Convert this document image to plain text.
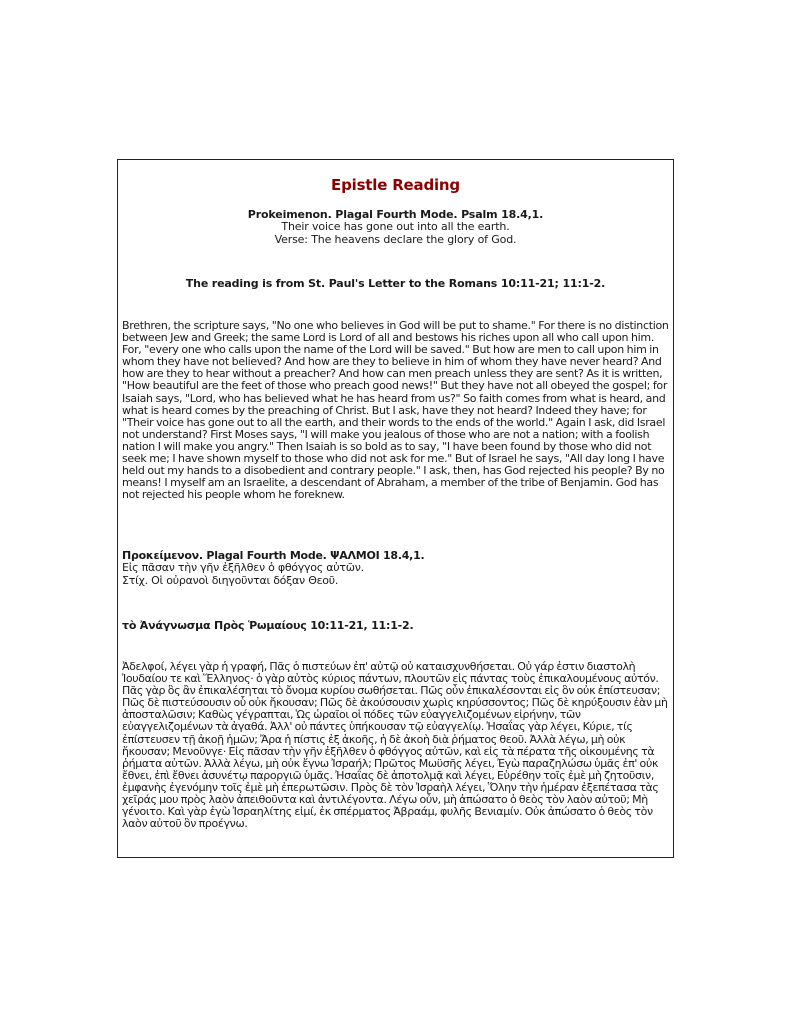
Epistle Reading
Prokeimenon. Plagal Fourth Mode. Psalm 18.4,1.
Their voice has gone out into all the earth.
Verse: The heavens declare the glory of God.
The reading is from St. Paul's Letter to the Romans 10:11-21; 11:1-2.
Brethren, the scripture says, "No one who believes in God will be put to shame." For there is no distinction between Jew and Greek; the same Lord is Lord of all and bestows his riches upon all who call upon him. For, "every one who calls upon the name of the Lord will be saved." But how are men to call upon him in whom they have not believed? And how are they to believe in him of whom they have never heard? And how are they to hear without a preacher? And how can men preach unless they are sent? As it is written, "How beautiful are the feet of those who preach good news!" But they have not all obeyed the gospel; for Isaiah says, "Lord, who has believed what he has heard from us?" So faith comes from what is heard, and what is heard comes by the preaching of Christ. But I ask, have they not heard? Indeed they have; for "Their voice has gone out to all the earth, and their words to the ends of the world." Again I ask, did Israel not understand? First Moses says, "I will make you jealous of those who are not a nation; with a foolish nation I will make you angry." Then Isaiah is so bold as to say, "I have been found by those who did not seek me; I have shown myself to those who did not ask for me." But of Israel he says, "All day long I have held out my hands to a disobedient and contrary people." I ask, then, has God rejected his people? By no means! I myself am an Israelite, a descendant of Abraham, a member of the tribe of Benjamin. God has not rejected his people whom he foreknew.
Προκείμενον. Plagal Fourth Mode. ΨΑΛΜΟΙ 18.4,1.
Εἰς πᾶσαν τὴν γῆν ἐξῆλθεν ὁ φθόγγος αὐτῶν.
Στίχ. Οἱ οὐρανοὶ διηγοῦνται δόξαν Θεοῦ.
τὸ Ἀνάγνωσμα Πρὸς Ῥωμαίους 10:11-21, 11:1-2.
Ἀδελφοί, λέγει γὰρ ἡ γραφή, Πᾶς ὁ πιστεύων ἐπ' αὐτῷ οὐ καταισχυνθήσεται. Οὐ γάρ ἐστιν διαστολὴ Ἰουδαίου τε καὶ Ἕλληνος· ὁ γὰρ αὐτὸς κύριος πάντων, πλουτῶν εἰς πάντας τοὺς ἐπικαλουμένους αὐτόν. Πᾶς γὰρ ὃς ἂν ἐπικαλέσηται τὸ ὄνομα κυρίου σωθήσεται. Πῶς οὖν ἐπικαλέσονται εἰς ὃν οὐκ ἐπίστευσαν; Πῶς δὲ πιστεύσουσιν οὗ οὐκ ἤκουσαν; Πῶς δὲ ἀκούσουσιν χωρὶς κηρύσσοντος; Πῶς δὲ κηρύξουσιν ἐὰν μὴ ἀποσταλῶσιν; Καθὼς γέγραπται, Ὡς ὡραῖοι οἱ πόδες τῶν εὐαγγελιζομένων εἰρήνην, τῶν εὐαγγελιζομένων τὰ ἀγαθά. Ἀλλ' οὐ πάντες ὑπήκουσαν τῷ εὐαγγελίῳ. Ἠσαΐας γὰρ λέγει, Κύριε, τίς ἐπίστευσεν τῇ ἀκοῇ ἡμῶν; Ἄρα ἡ πίστις ἐξ ἀκοῆς, ἡ δὲ ἀκοὴ διὰ ῥήματος θεοῦ. Ἀλλὰ λέγω, μὴ οὐκ ἤκουσαν; Μενοῦνγε· Εἰς πᾶσαν τὴν γῆν ἐξῆλθεν ὁ φθόγγος αὐτῶν, καὶ εἰς τὰ πέρατα τῆς οἰκουμένης τὰ ῥήματα αὐτῶν. Ἀλλὰ λέγω, μὴ οὐκ ἔγνω Ἰσραήλ; Πρῶτος Μωϋσῆς λέγει, Ἐγὼ παραζηλώσω ὑμᾶς ἐπ' οὐκ ἔθνει, ἐπὶ ἔθνει ἀσυνέτῳ παροργιῶ ὑμᾶς. Ἠσαΐας δὲ ἀποτολμᾷ καὶ λέγει, Εὑρέθην τοῖς ἐμὲ μὴ ζητοῦσιν, ἐμφανὴς ἐγενόμην τοῖς ἐμὲ μὴ ἐπερωτῶσιν. Πρὸς δὲ τὸν Ἰσραὴλ λέγει, Ὅλην τὴν ἡμέραν ἐξεπέτασα τὰς χεῖράς μου πρὸς λαὸν ἀπειθοῦντα καὶ ἀντιλέγοντα. Λέγω οὖν, μὴ ἀπώσατο ὁ θεὸς τὸν λαὸν αὐτοῦ; Μὴ γένοιτο. Καὶ γὰρ ἐγὼ Ἰσραηλίτης εἰμί, ἐκ σπέρματος Ἀβραάμ, φυλῆς Βενιαμίν. Οὐκ ἀπώσατο ὁ θεὸς τὸν λαὸν αὐτοῦ ὃν προέγνω.
